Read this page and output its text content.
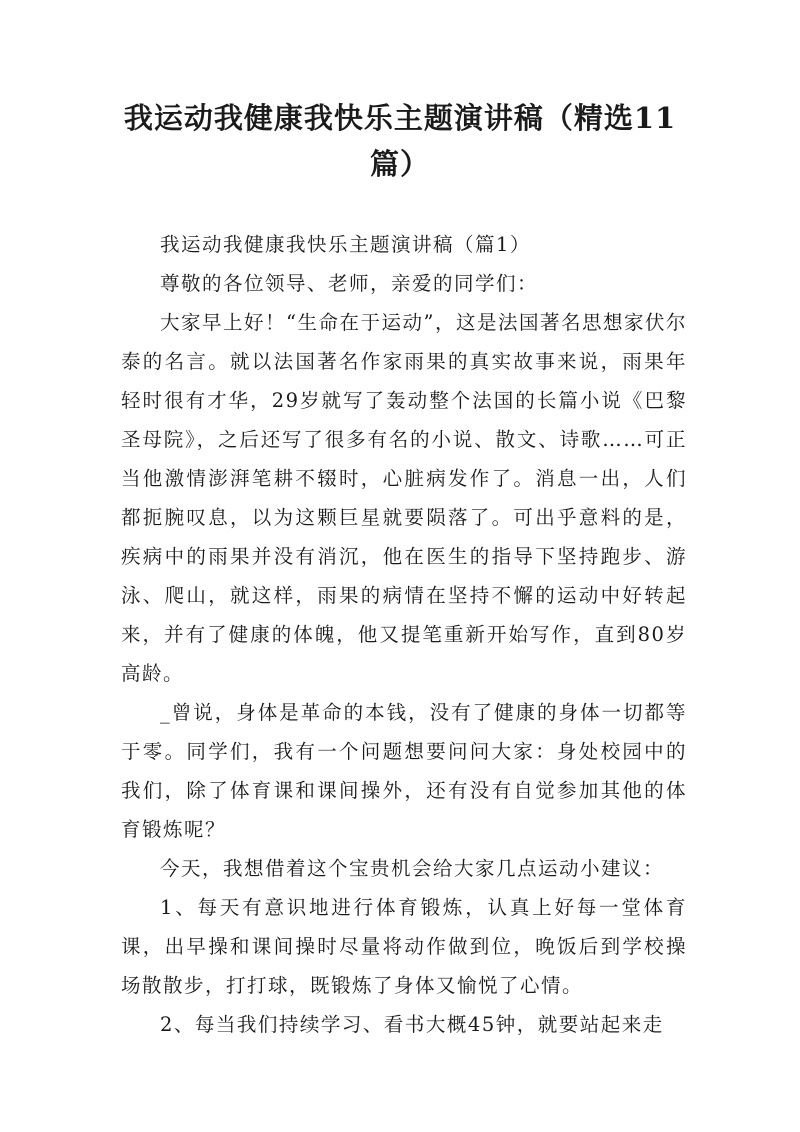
我运动我健康我快乐主题演讲稿（精选11篇）

我运动我健康我快乐主题演讲稿（篇1）

尊敬的各位领导、老师，亲爱的同学们：

大家早上好！“生命在于运动”，这是法国著名思想家伏尔泰的名言。就以法国著名作家雨果的真实故事来说，雨果年轻时很有才华，29岁就写了轰动整个法国的长篇小说《巴黎圣母院》，之后还写了很多有名的小说、散文、诗歌……可正当他激情澎湃笔耕不辍时，心脏病发作了。消息一出，人们都扼腕叹息，以为这颗巨星就要陨落了。可出乎意料的是，疾病中的雨果并没有消沉，他在医生的指导下坚持跑步、游泳、爬山，就这样，雨果的病情在坚持不懈的运动中好转起来，并有了健康的体魄，他又提笔重新开始写作，直到80岁高龄。

_曾说，身体是革命的本钱，没有了健康的身体一切都等于零。同学们，我有一个问题想要问问大家：身处校园中的我们，除了体育课和课间操外，还有没有自觉参加其他的体育锻炼呢？

今天，我想借着这个宝贵机会给大家几点运动小建议：

1、每天有意识地进行体育锻炼，认真上好每一堂体育课，出早操和课间操时尽量将动作做到位，晚饭后到学校操场散散步，打打球，既锻炼了身体又愉悦了心情。

2、每当我们持续学习、看书大概45钟，就要站起来走
